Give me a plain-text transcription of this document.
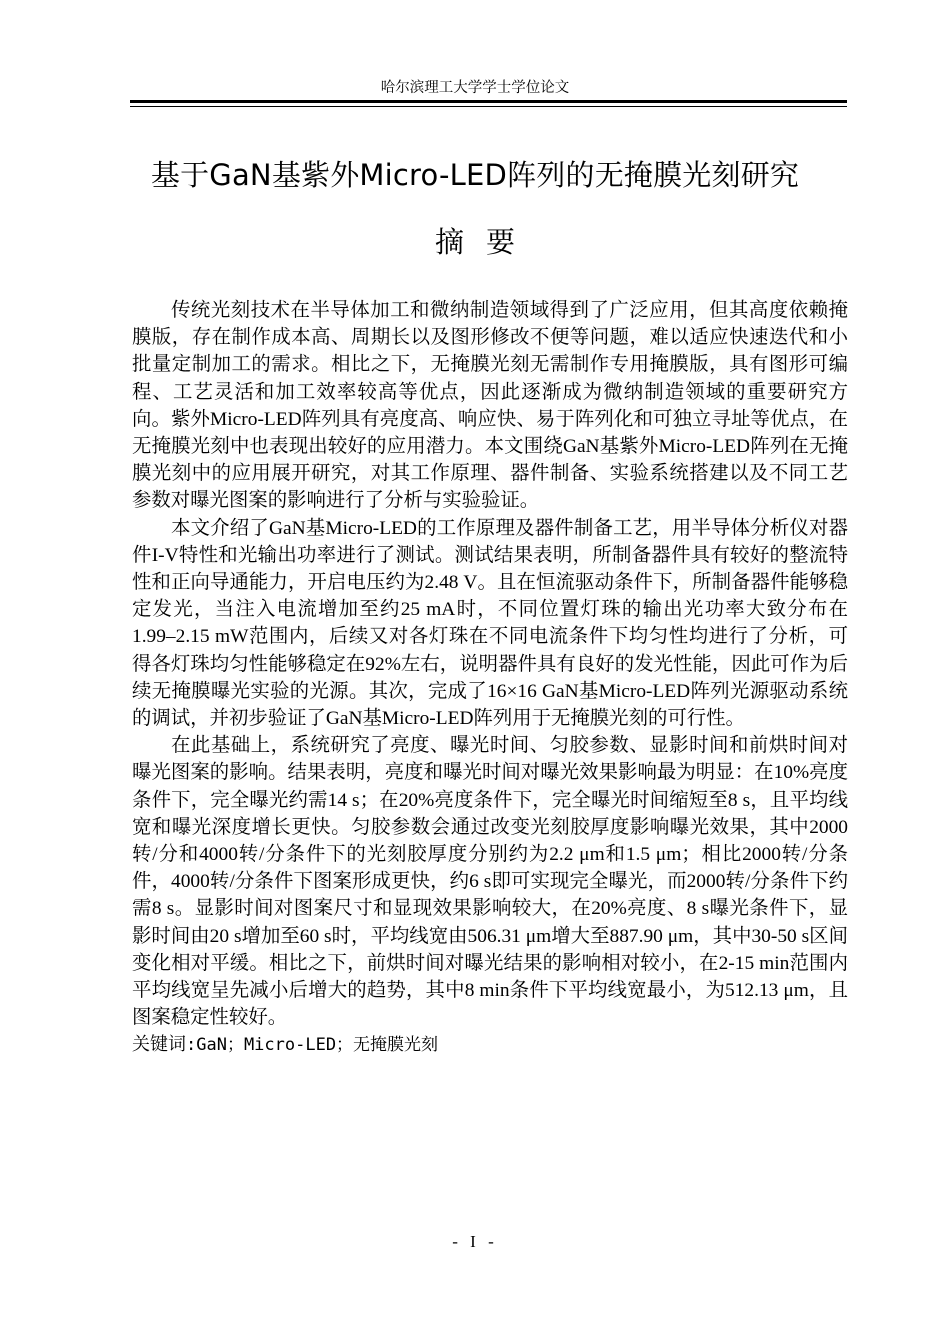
哈尔滨理工大学学士学位论文
基于GaN基紫外Micro-LED阵列的无掩膜光刻研究
摘要

传统光刻技术在半导体加工和微纳制造领域得到了广泛应用，但其高度依赖掩膜版，存在制作成本高、周期长以及图形修改不便等问题，难以适应快速迭代和小批量定制加工的需求。相比之下，无掩膜光刻无需制作专用掩膜版，具有图形可编程、工艺灵活和加工效率较高等优点，因此逐渐成为微纳制造领域的重要研究方向。紫外Micro-LED阵列具有亮度高、响应快、易于阵列化和可独立寻址等优点，在无掩膜光刻中也表现出较好的应用潜力。本文围绕GaN基紫外Micro-LED阵列在无掩膜光刻中的应用展开研究，对其工作原理、器件制备、实验系统搭建以及不同工艺参数对曝光图案的影响进行了分析与实验验证。

本文介绍了GaN基Micro-LED的工作原理及器件制备工艺，用半导体分析仪对器件I-V特性和光输出功率进行了测试。测试结果表明，所制备器件具有较好的整流特性和正向导通能力，开启电压约为2.48 V。且在恒流驱动条件下，所制备器件能够稳定发光，当注入电流增加至约25 mA时，不同位置灯珠的输出光功率大致分布在1.99–2.15 mW范围内，后续又对各灯珠在不同电流条件下均匀性均进行了分析，可得各灯珠均匀性能够稳定在92%左右，说明器件具有良好的发光性能，因此可作为后续无掩膜曝光实验的光源。其次，完成了16×16 GaN基Micro-LED阵列光源驱动系统的调试，并初步验证了GaN基Micro-LED阵列用于无掩膜光刻的可行性。

在此基础上，系统研究了亮度、曝光时间、匀胶参数、显影时间和前烘时间对曝光图案的影响。结果表明，亮度和曝光时间对曝光效果影响最为明显：在10%亮度条件下，完全曝光约需14 s；在20%亮度条件下，完全曝光时间缩短至8 s，且平均线宽和曝光深度增长更快。匀胶参数会通过改变光刻胶厚度影响曝光效果，其中2000转/分和4000转/分条件下的光刻胶厚度分别约为2.2 μm和1.5 μm；相比2000转/分条件，4000转/分条件下图案形成更快，约6 s即可实现完全曝光，而2000转/分条件下约需8 s。显影时间对图案尺寸和显现效果影响较大，在20%亮度、8 s曝光条件下，显影时间由20 s增加至60 s时，平均线宽由506.31 μm增大至887.90 μm，其中30-50 s区间变化相对平缓。相比之下，前烘时间对曝光结果的影响相对较小，在2-15 min范围内平均线宽呈先减小后增大的趋势，其中8 min条件下平均线宽最小，为512.13 μm，且图案稳定性较好。

关键词:GaN；Micro-LED；无掩膜光刻
- I -
